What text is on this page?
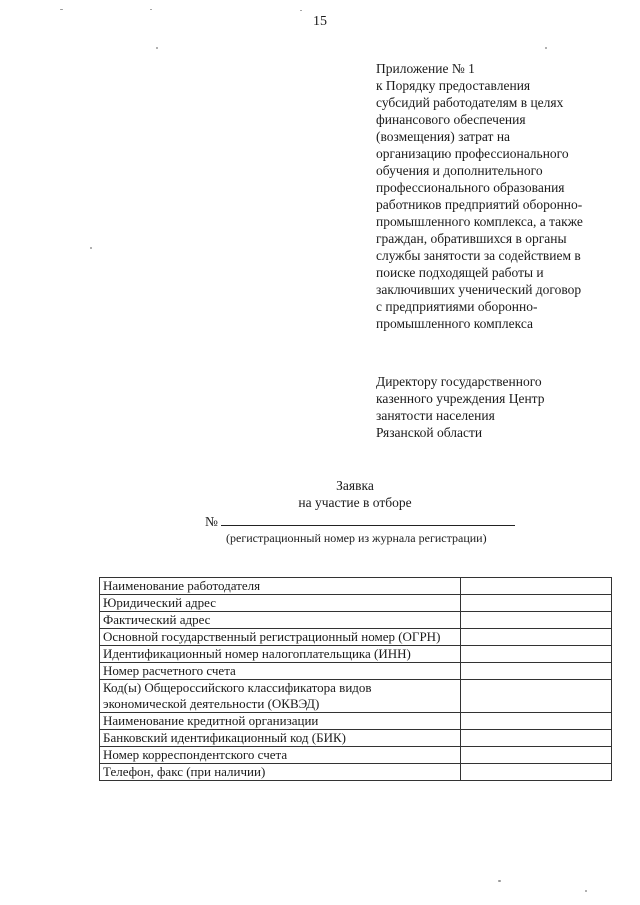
15
Приложение № 1
к Порядку предоставления
субсидий работодателям в целях
финансового обеспечения
(возмещения) затрат на
организацию профессионального
обучения и дополнительного
профессионального образования
работников предприятий оборонно-
промышленного комплекса, а также
граждан, обратившихся в органы
службы занятости за содействием в
поиске подходящей работы и
заключивших ученический договор
с предприятиями оборонно-
промышленного комплекса
Директору государственного
казенного учреждения Центр
занятости населения
Рязанской области
Заявка
на участие в отборе
№
(регистрационный номер из журнала регистрации)
Наименование работодателя	
Юридический адрес	
Фактический адрес	
Основной государственный регистрационный номер (ОГРН)	
Идентификационный номер налогоплательщика (ИНН)	
Номер расчетного счета	
Код(ы) Общероссийского классификатора видов экономической деятельности (ОКВЭД)	
Наименование кредитной организации	
Банковский идентификационный код (БИК)	
Номер корреспондентского счета	
Телефон, факс (при наличии)	
